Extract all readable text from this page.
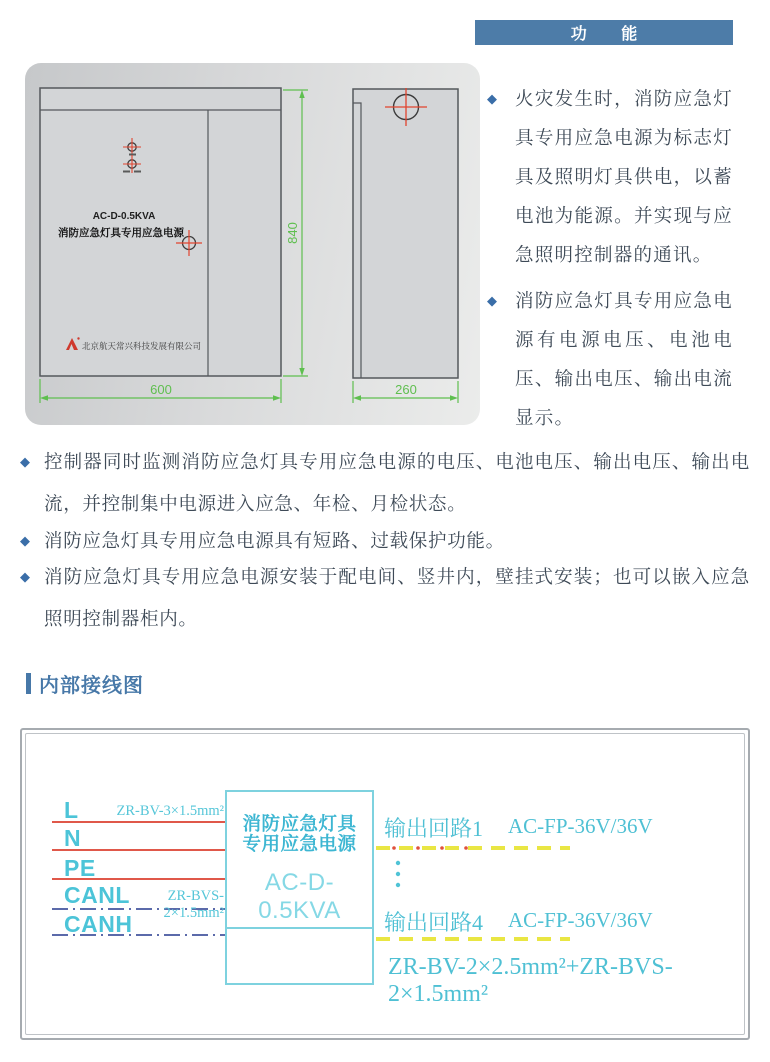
功 能
AC-D-0.5KVA
消防应急灯具专用应急电源
北京航天常兴科技发展有限公司
840
600	260
◆ 火灾发生时，消防应急灯具专用应急电源为标志灯具及照明灯具供电，以蓄电池为能源。并实现与应急照明控制器的通讯。
◆ 消防应急灯具专用应急电源有电源电压、电池电压、输出电压、输出电流显示。
◆ 控制器同时监测消防应急灯具专用应急电源的电压、电池电压、输出电压、输出电流，并控制集中电源进入应急、年检、月检状态。
◆ 消防应急灯具专用应急电源具有短路、过载保护功能。
◆ 消防应急灯具专用应急电源安装于配电间、竖井内，壁挂式安装；也可以嵌入应急照明控制器柜内。
内部接线图
L
N
PE
CANL
CANH
ZR-BV-3×1.5mm²
ZR-BVS-2×1.5mm²
消防应急灯具
专用应急电源
AC-D-0.5KVA
输出回路1 AC-FP-36V/36V
输出回路4 AC-FP-36V/36V
ZR-BV-2×2.5mm²+ZR-BVS-2×1.5mm²
